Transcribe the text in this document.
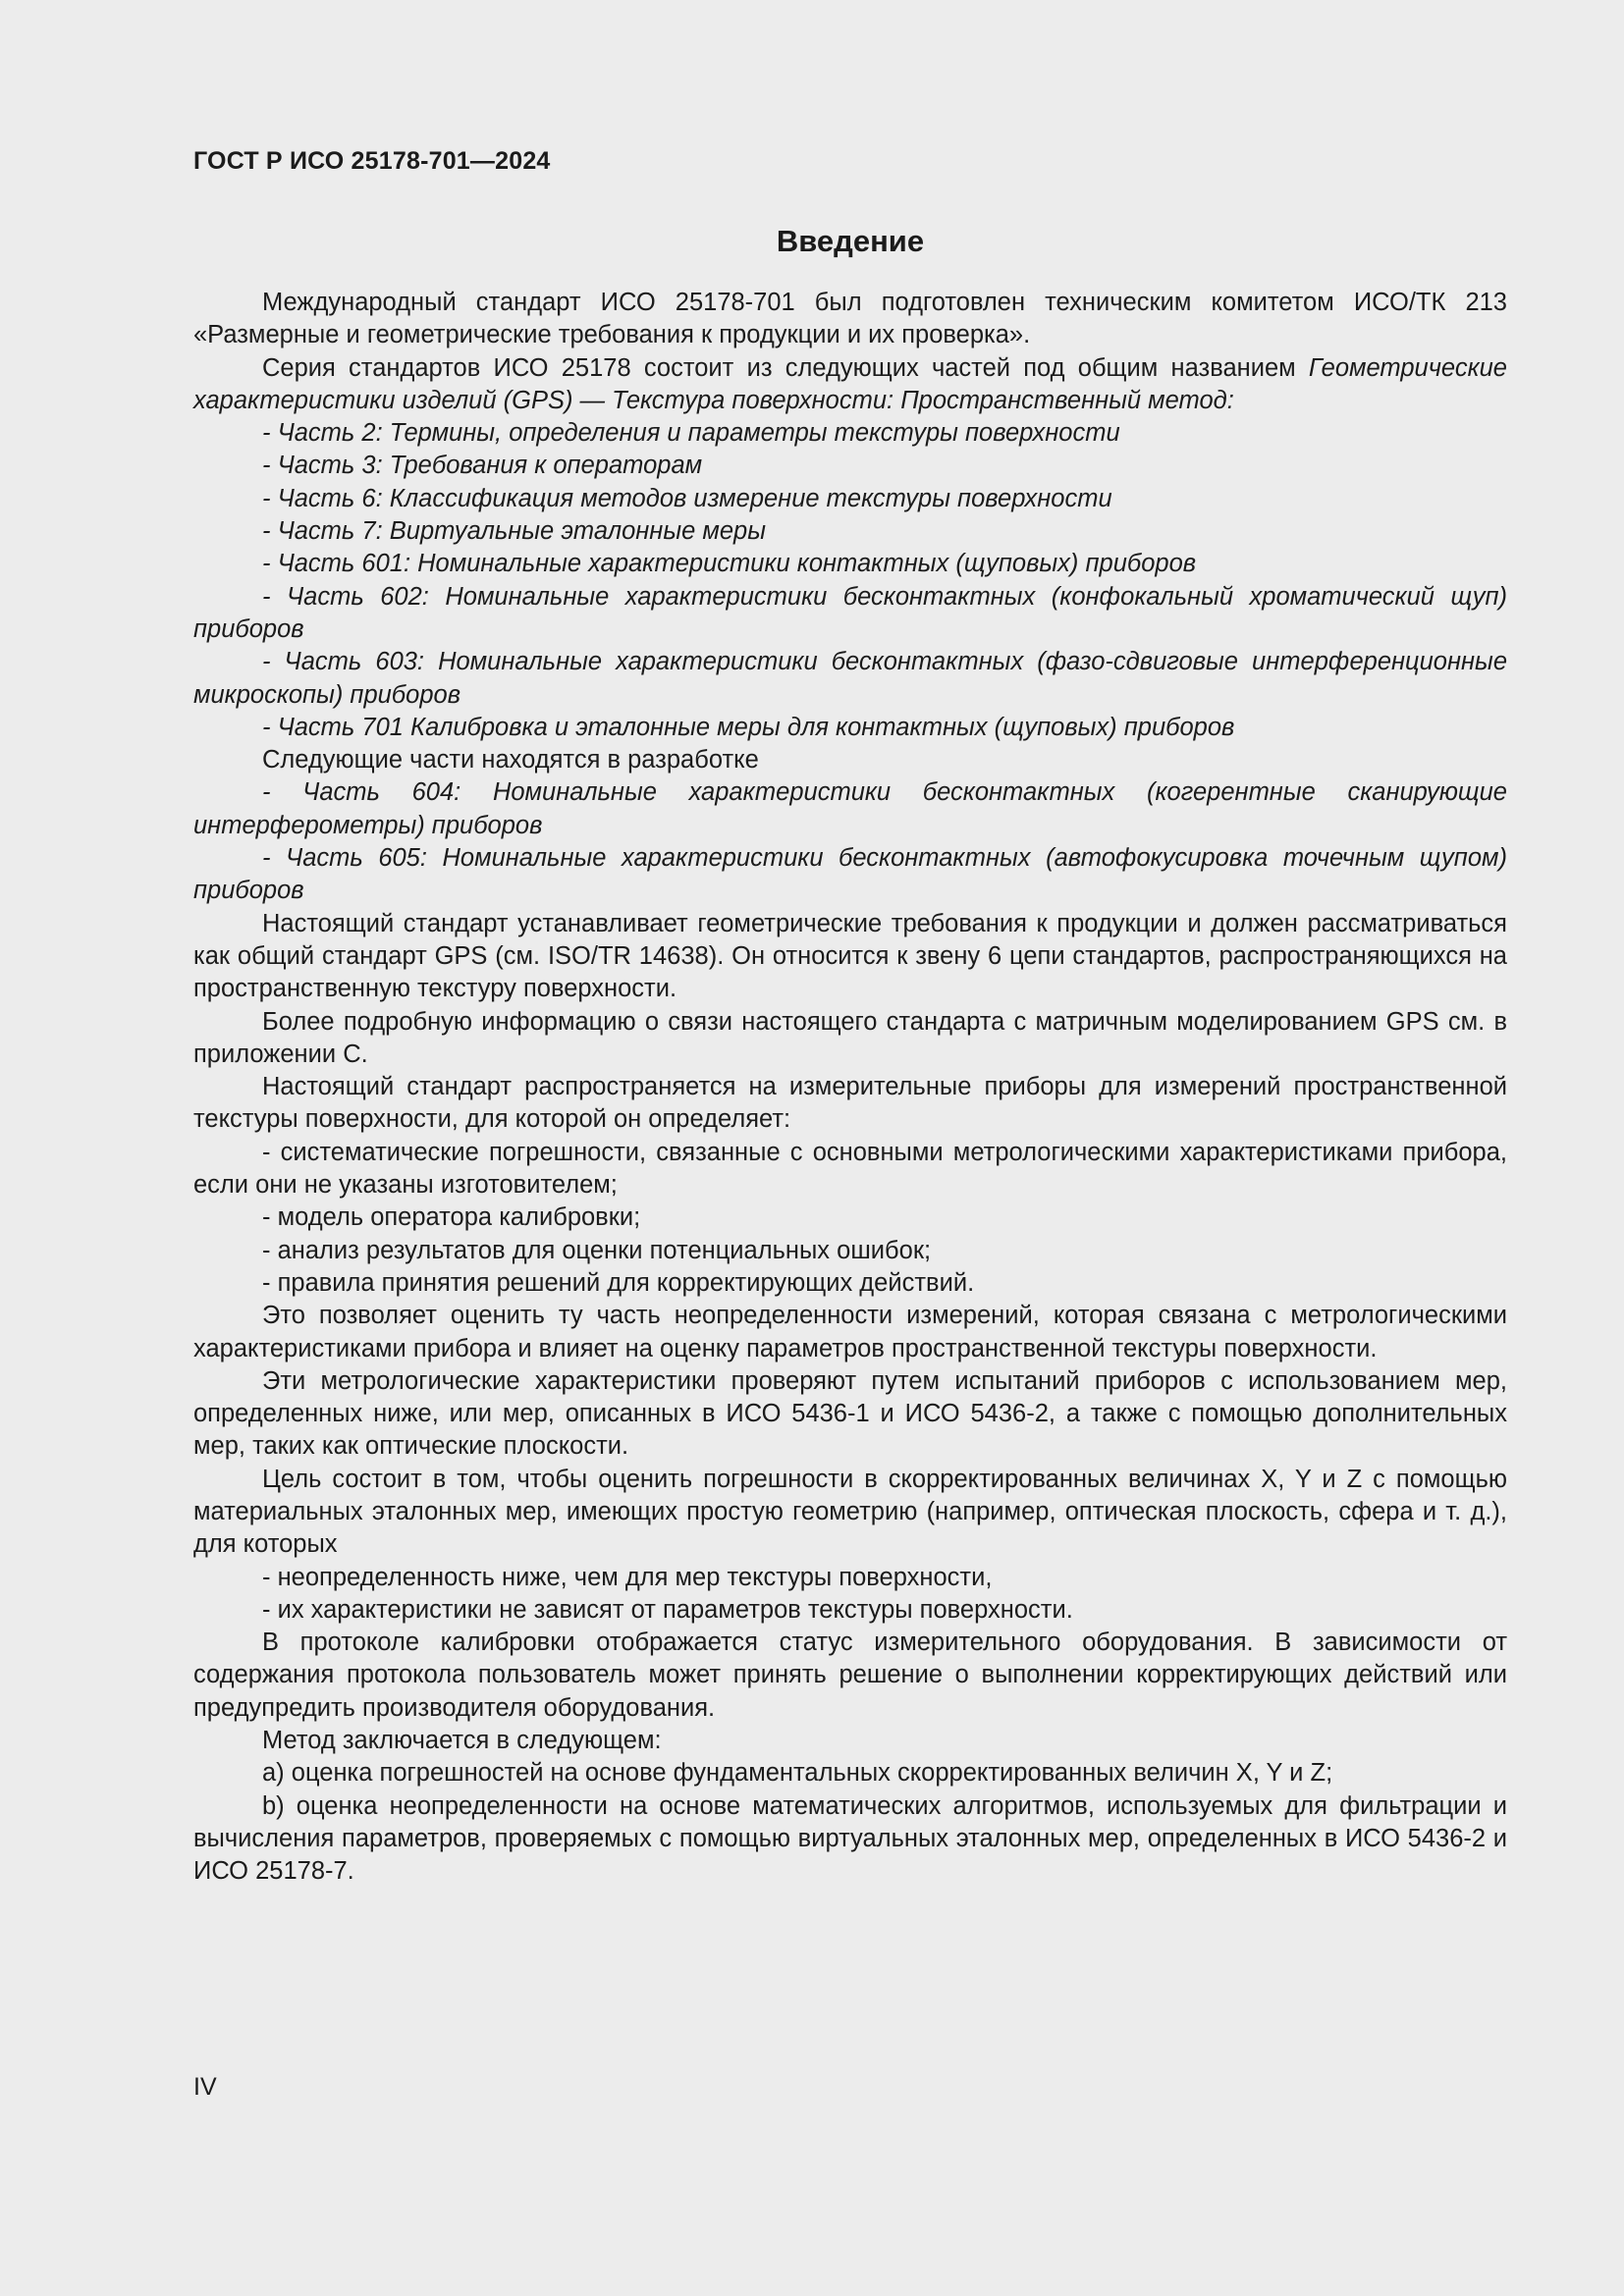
ГОСТ Р ИСО 25178-701—2024
Введение

Международный стандарт ИСО 25178-701 был подготовлен техническим комитетом ИСО/ТК 213 «Размерные и геометрические требования к продукции и их проверка».

Серия стандартов ИСО 25178 состоит из следующих частей под общим названием Геометрические характеристики изделий (GPS) — Текстура поверхности: Пространственный метод:

- Часть 2: Термины, определения и параметры текстуры поверхности

- Часть 3: Требования к операторам

- Часть 6: Классификация методов измерение текстуры поверхности

- Часть 7: Виртуальные эталонные меры

- Часть 601: Номинальные характеристики контактных (щуповых) приборов

- Часть 602: Номинальные характеристики бесконтактных (конфокальный хроматический щуп) приборов

- Часть 603: Номинальные характеристики бесконтактных (фазо-сдвиговые интерференционные микроскопы) приборов

- Часть 701 Калибровка и эталонные меры для контактных (щуповых) приборов

Следующие части находятся в разработке

- Часть 604: Номинальные характеристики бесконтактных (когерентные сканирующие интерферометры) приборов

- Часть 605: Номинальные характеристики бесконтактных (автофокусировка точечным щупом) приборов

Настоящий стандарт устанавливает геометрические требования к продукции и должен рассматриваться как общий стандарт GPS (см. ISO/TR 14638). Он относится к звену 6 цепи стандартов, распространяющихся на пространственную текстуру поверхности.

Более подробную информацию о связи настоящего стандарта с матричным моделированием GPS см. в приложении С.

Настоящий стандарт распространяется на измерительные приборы для измерений пространственной текстуры поверхности, для которой он определяет:

- систематические погрешности, связанные с основными метрологическими характеристиками прибора, если они не указаны изготовителем;

- модель оператора калибровки;

- анализ результатов для оценки потенциальных ошибок;

- правила принятия решений для корректирующих действий.

Это позволяет оценить ту часть неопределенности измерений, которая связана с метрологическими характеристиками прибора и влияет на оценку параметров пространственной текстуры поверхности.

Эти метрологические характеристики проверяют путем испытаний приборов с использованием мер, определенных ниже, или мер, описанных в ИСО 5436-1 и ИСО 5436-2, а также с помощью дополнительных мер, таких как оптические плоскости.

Цель состоит в том, чтобы оценить погрешности в скорректированных величинах X, Y и Z с помощью материальных эталонных мер, имеющих простую геометрию (например, оптическая плоскость, сфера и т. д.), для которых

- неопределенность ниже, чем для мер текстуры поверхности,

- их характеристики не зависят от параметров текстуры поверхности.

В протоколе калибровки отображается статус измерительного оборудования. В зависимости от содержания протокола пользователь может принять решение о выполнении корректирующих действий или предупредить производителя оборудования.

Метод заключается в следующем:

a) оценка погрешностей на основе фундаментальных скорректированных величин X, Y и Z;

b) оценка неопределенности на основе математических алгоритмов, используемых для фильтрации и вычисления параметров, проверяемых с помощью виртуальных эталонных мер, определенных в ИСО 5436-2 и ИСО 25178-7.

IV
